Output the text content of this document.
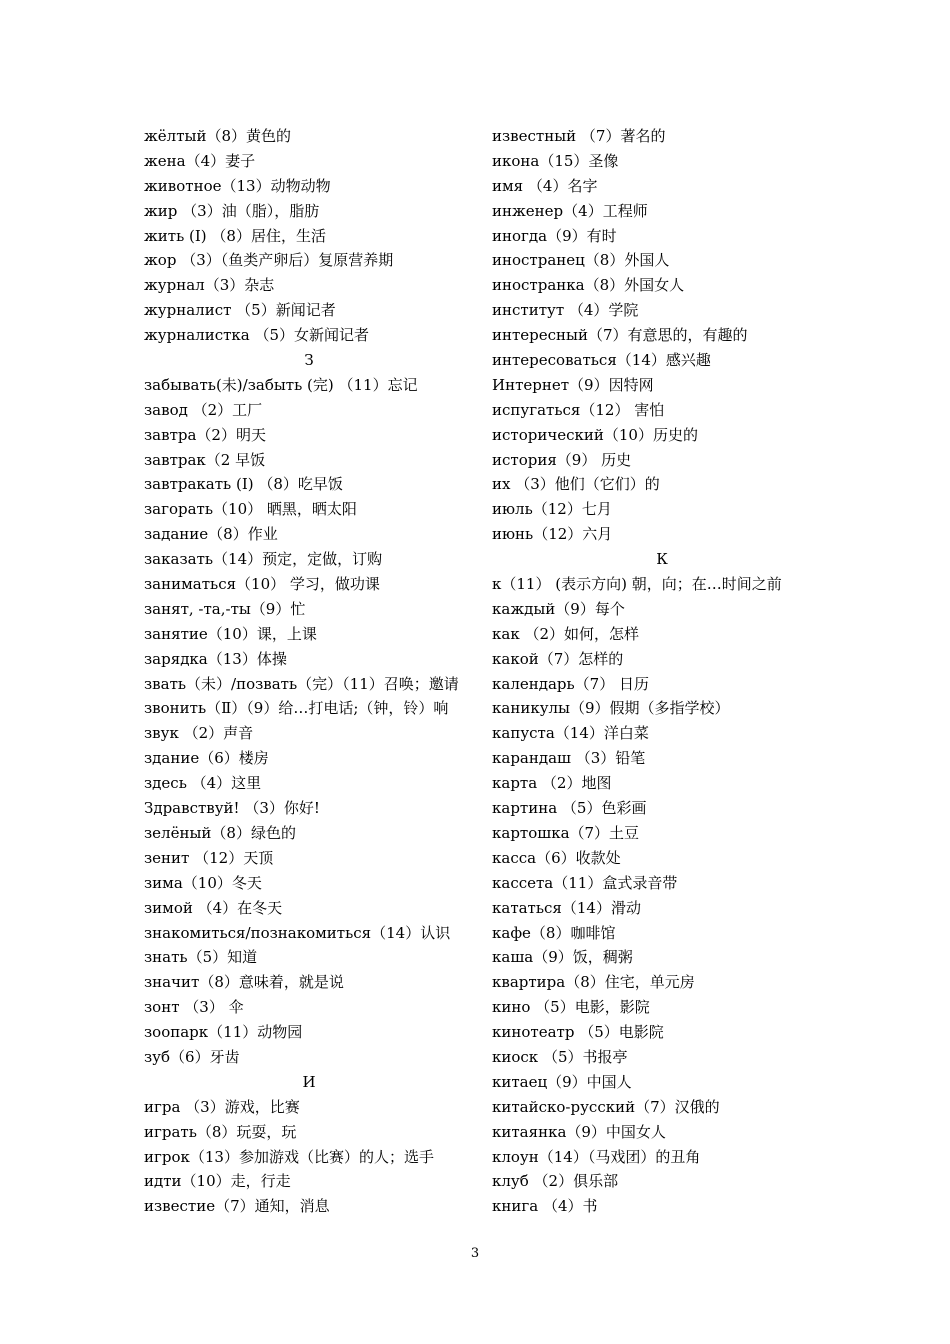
жёлтый（8）黄色的
жена（4）妻子
животное（13）动物动物
жир （3）油（脂），脂肪
жить (Ⅰ) （8）居住，生活
жор （3）（鱼类产卵后）复原营养期
журнал（3）杂志
журналист （5）新闻记者
журналистка （5）女新闻记者
З
забывать(未)/забыть (完) （11）忘记
завод （2）工厂
завтра（2）明天
завтрак（2 早饭
завтракать (Ⅰ) （8）吃早饭
загорать（10） 晒黑，晒太阳
задание（8）作业
заказать（14）预定，定做，订购
заниматься（10） 学习，做功课
занят, -та,-ты（9）忙
занятие（10）课，上课
зарядка（13）体操
звать（未）/позвать（完）（11）召唤；邀请
звонить（Ⅱ）（9）给…打电话;（钟，铃）响
звук （2）声音
здание（6）楼房
здесь （4）这里
Здравствуй! （3）你好!
зелёный（8）绿色的
зенит （12）天顶
зима（10）冬天
зимой （4）在冬天
знакомиться/познакомиться（14）认识
знать（5）知道
значит（8）意味着，就是说
зонт （3） 伞
зоопарк（11）动物园
зуб（6）牙齿
И
игра （3）游戏，比赛
играть（8）玩耍，玩
игрок（13）参加游戏（比赛）的人；选手
идти（10）走，行走
известие（7）通知，消息
известный （7）著名的
икона（15）圣像
имя （4）名字
инженер（4）工程师
иногда（9）有时
иностранец（8）外国人
иностранка（8）外国女人
институт （4）学院
интересный（7）有意思的，有趣的
интересоваться（14）感兴趣
Интернет（9）因特网
испугаться（12） 害怕
исторический（10）历史的
история（9） 历史
их （3）他们（它们）的
июль（12）七月
июнь（12）六月
К
к（11） (表示方向) 朝，向；在…时间之前
каждый（9）每个
как （2）如何，怎样
какой（7）怎样的
календарь（7） 日历
каникулы（9）假期（多指学校）
капуста（14）洋白菜
карандаш （3）铅笔
карта （2）地图
картина （5）色彩画
картошка（7）土豆
касса（6）收款处
кассета（11）盒式录音带
кататься（14）滑动
кафе（8）咖啡馆
каша（9）饭，稠粥
квартира（8）住宅，单元房
кино （5）电影，影院
кинотеатр （5）电影院
киоск （5）书报亭
китаец（9）中国人
китайско-русский（7）汉俄的
китаянка（9）中国女人
клоун（14）（马戏团）的丑角
клуб （2）俱乐部
книга （4）书
3
